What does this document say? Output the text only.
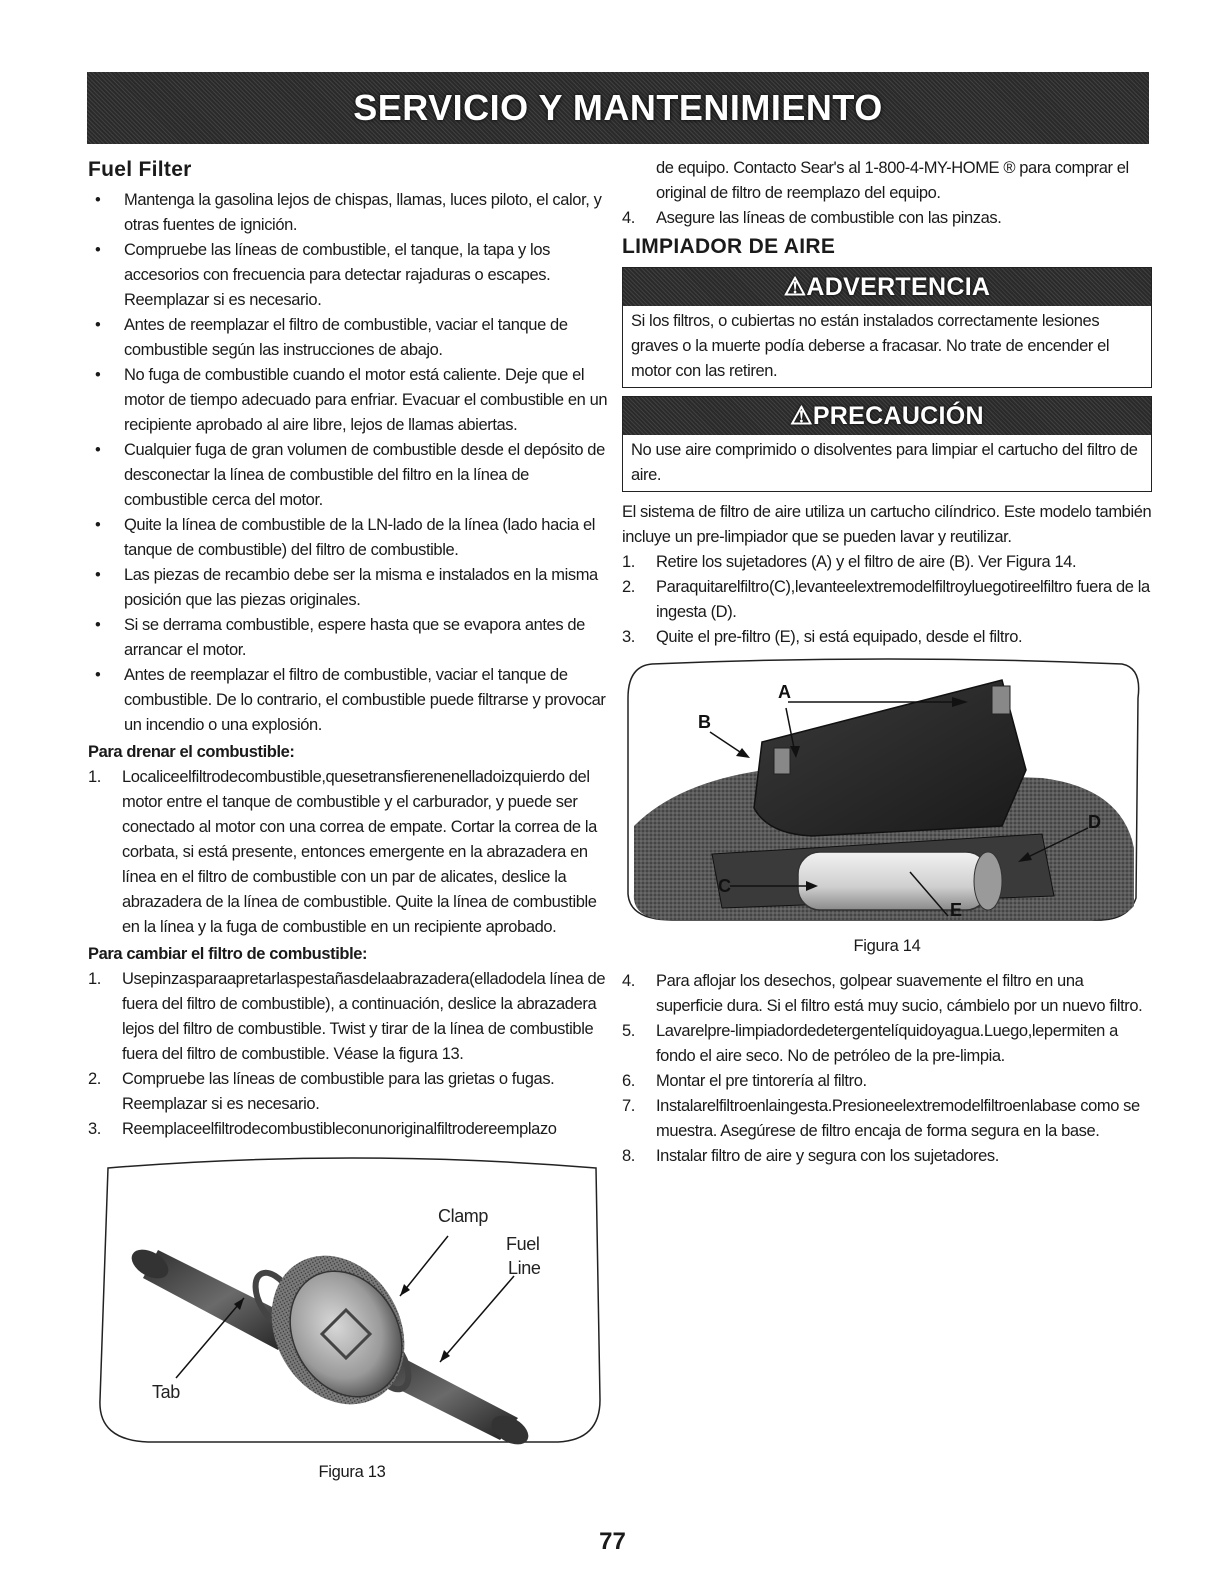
SERVICIO Y MANTENIMIENTO
Fuel Filter
• Mantenga la gasolina lejos de chispas, llamas, luces piloto, el calor, y otras fuentes de ignición.
• Compruebe las líneas de combustible, el tanque, la tapa y los accesorios con frecuencia para detectar rajaduras o escapes. Reemplazar si es necesario.
• Antes de reemplazar el filtro de combustible, vaciar el tanque de combustible según las instrucciones de abajo.
• No fuga de combustible cuando el motor está caliente. Deje que el motor de tiempo adecuado para enfriar. Evacuar el combustible en un recipiente aprobado al aire libre, lejos de llamas abiertas.
• Cualquier fuga de gran volumen de combustible desde el depósito de desconectar la línea de combustible del filtro en la línea de combustible cerca del motor.
• Quite la línea de combustible de la LN-lado de la línea (lado hacia el tanque de combustible) del filtro de combustible.
• Las piezas de recambio debe ser la misma e instalados en la misma posición que las piezas originales.
• Si se derrama combustible, espere hasta que se evapora antes de arrancar el motor.
• Antes de reemplazar el filtro de combustible, vaciar el tanque de combustible. De lo contrario, el combustible puede filtrarse y provocar un incendio o una explosión.
Para drenar el combustible:
1. Localiceelfiltrodecombustible,quesetransfierenenelladoizquierdo del motor entre el tanque de combustible y el carburador, y puede ser conectado al motor con una correa de empate. Cortar la correa de la corbata, si está presente, entonces emergente en la abrazadera en línea en el filtro de combustible con un par de alicates, deslice la abrazadera de la línea de combustible. Quite la línea de combustible en la línea y la fuga de combustible en un recipiente aprobado.
Para cambiar el filtro de combustible:
1. Usepinzasparaapretarlaspestañasdelaabrazadera(elladodela línea de fuera del filtro de combustible), a continuación, deslice la abrazadera lejos del filtro de combustible. Twist y tirar de la línea de combustible fuera del filtro de combustible. Véase la figura 13.
2. Compruebe las líneas de combustible para las grietas o fugas. Reemplazar si es necesario.
3. Reemplaceelfiltrodecombustibleconunoriginalfiltrodereemplazo
Clamp
Fuel
Line
Tab
Figura 13

de equipo. Contacto Sear's al 1-800-4-MY-HOME ® para comprar el original de filtro de reemplazo del equipo.

4. Asegure las líneas de combustible con las pinzas.
LIMPIADOR DE AIRE
⚠ ADVERTENCIA
Si los filtros, o cubiertas no están instalados correctamente lesiones graves o la muerte podía deberse a fracasar. No trate de encender el motor con las retiren.
⚠ PRECAUCIÓN
No use aire comprimido o disolventes para limpiar el cartucho del filtro de aire.

El sistema de filtro de aire utiliza un cartucho cilíndrico. Este modelo también incluye un pre-limpiador que se pueden lavar y reutilizar.

1. Retire los sujetadores (A) y el filtro de aire (B). Ver Figura 14.
2. Paraquitarelfiltro(C),levanteelextremodelfiltroyluegotireelfiltro fuera de la ingesta (D).
3. Quite el pre-filtro (E), si está equipado, desde el filtro.
A
B
C
D
E
Figura 14
4. Para aflojar los desechos, golpear suavemente el filtro en una superficie dura. Si el filtro está muy sucio, cámbielo por un nuevo filtro.
5. Lavarelpre-limpiadordedetergentelíquidoyagua.Luego,lepermiten a fondo el aire seco. No de petróleo de la pre-limpia.
6. Montar el pre tintorería al filtro.
7. Instalarelfiltroenlaingesta.Presioneelextremodelfiltroenlabase como se muestra. Asegúrese de filtro encaja de forma segura en la base.
8. Instalar filtro de aire y segura con los sujetadores.
77
